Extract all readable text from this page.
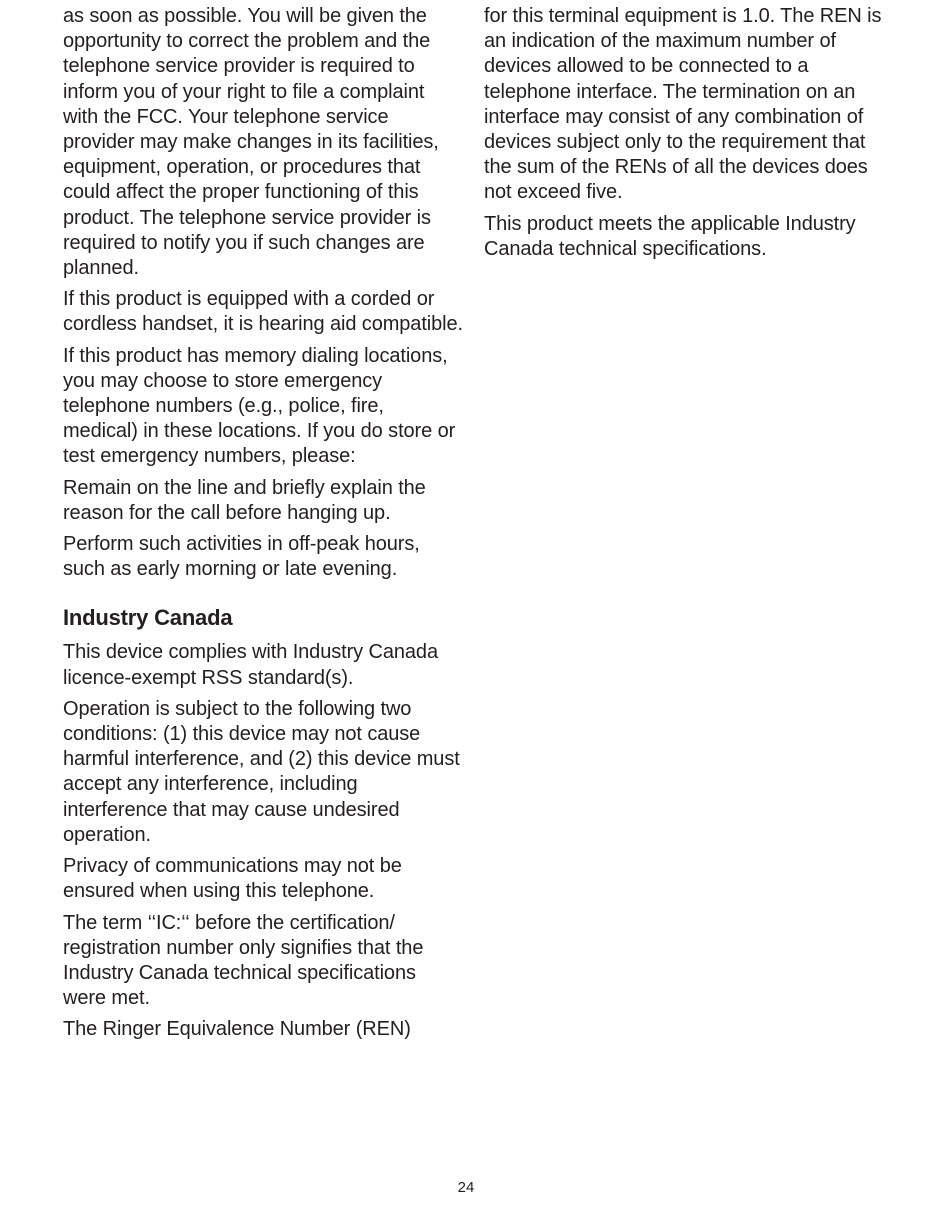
as soon as possible. You will be given the opportunity to correct the problem and the telephone service provider is required to inform you of your right to file a complaint with the FCC. Your telephone service provider may make changes in its facilities, equipment, operation, or procedures that could affect the proper functioning of this product. The telephone service provider is required to notify you if such changes are planned.

If this product is equipped with a corded or cordless handset, it is hearing aid compatible.

If this product has memory dialing locations, you may choose to store emergency telephone numbers (e.g., police, fire, medical) in these locations. If you do store or test emergency numbers, please:

Remain on the line and briefly explain the reason for the call before hanging up.

Perform such activities in off-peak hours, such as early morning or late evening.

Industry Canada

This device complies with Industry Canada licence-exempt RSS standard(s).

Operation is subject to the following two conditions: (1) this device may not cause harmful interference, and (2) this device must accept any interference, including interference that may cause undesired operation.

Privacy of communications may not be ensured when using this telephone.

The term ‘‘IC:‘‘ before the certification/ registration number only signifies that the Industry Canada technical specifications were met.

The Ringer Equivalence Number (REN)

for this terminal equipment is 1.0. The REN is an indication of the maximum number of devices allowed to be connected to a telephone interface. The termination on an interface may consist of any combination of devices subject only to the requirement that the sum of the RENs of all the devices does not exceed five.

This product meets the applicable Industry Canada technical specifications.

24
